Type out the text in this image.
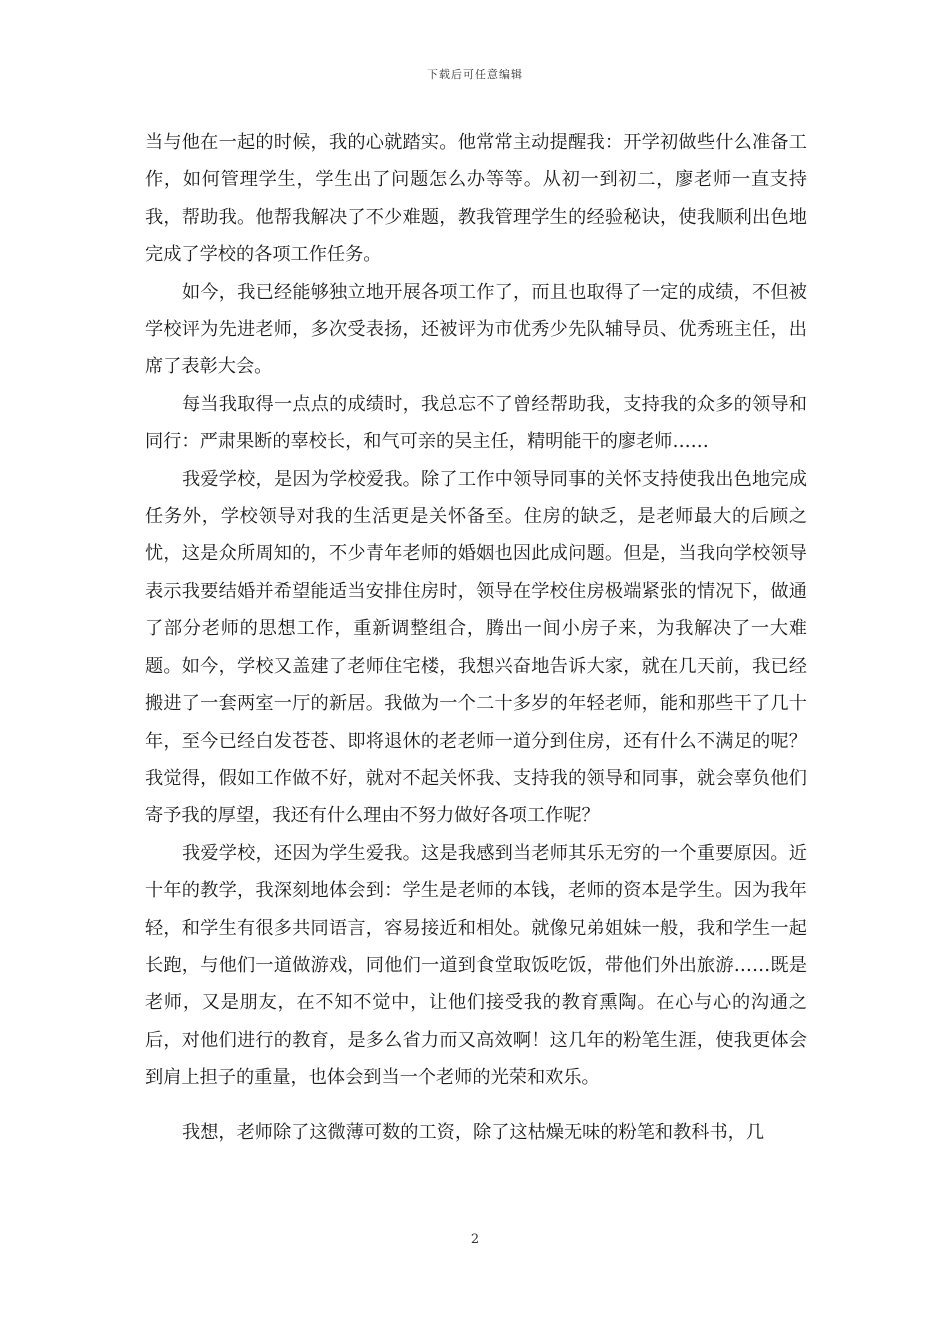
下载后可任意编辑

当与他在一起的时候，我的心就踏实。他常常主动提醒我：开学初做些什么准备工作，如何管理学生，学生出了问题怎么办等等。从初一到初二，廖老师一直支持我，帮助我。他帮我解决了不少难题，教我管理学生的经验秘诀，使我顺利出色地完成了学校的各项工作任务。

如今，我已经能够独立地开展各项工作了，而且也取得了一定的成绩，不但被学校评为先进老师，多次受表扬，还被评为市优秀少先队辅导员、优秀班主任，出席了表彰大会。

每当我取得一点点的成绩时，我总忘不了曾经帮助我，支持我的众多的领导和同行：严肃果断的辜校长，和气可亲的吴主任，精明能干的廖老师……

我爱学校，是因为学校爱我。除了工作中领导同事的关怀支持使我出色地完成任务外，学校领导对我的生活更是关怀备至。住房的缺乏，是老师最大的后顾之忧，这是众所周知的，不少青年老师的婚姻也因此成问题。但是，当我向学校领导表示我要结婚并希望能适当安排住房时，领导在学校住房极端紧张的情况下，做通了部分老师的思想工作，重新调整组合，腾出一间小房子来，为我解决了一大难题。如今，学校又盖建了老师住宅楼，我想兴奋地告诉大家，就在几天前，我已经搬进了一套两室一厅的新居。我做为一个二十多岁的年轻老师，能和那些干了几十年，至今已经白发苍苍、即将退休的老老师一道分到住房，还有什么不满足的呢？我觉得，假如工作做不好，就对不起关怀我、支持我的领导和同事，就会辜负他们寄予我的厚望，我还有什么理由不努力做好各项工作呢？

我爱学校，还因为学生爱我。这是我感到当老师其乐无穷的一个重要原因。近十年的教学，我深刻地体会到：学生是老师的本钱，老师的资本是学生。因为我年轻，和学生有很多共同语言，容易接近和相处。就像兄弟姐妹一般，我和学生一起长跑，与他们一道做游戏，同他们一道到食堂取饭吃饭，带他们外出旅游……既是老师，又是朋友，在不知不觉中，让他们接受我的教育熏陶。在心与心的沟通之后，对他们进行的教育，是多么省力而又高效啊！这几年的粉笔生涯，使我更体会到肩上担子的重量，也体会到当一个老师的光荣和欢乐。

我想，老师除了这微薄可数的工资，除了这枯燥无味的粉笔和教科书，几

2
